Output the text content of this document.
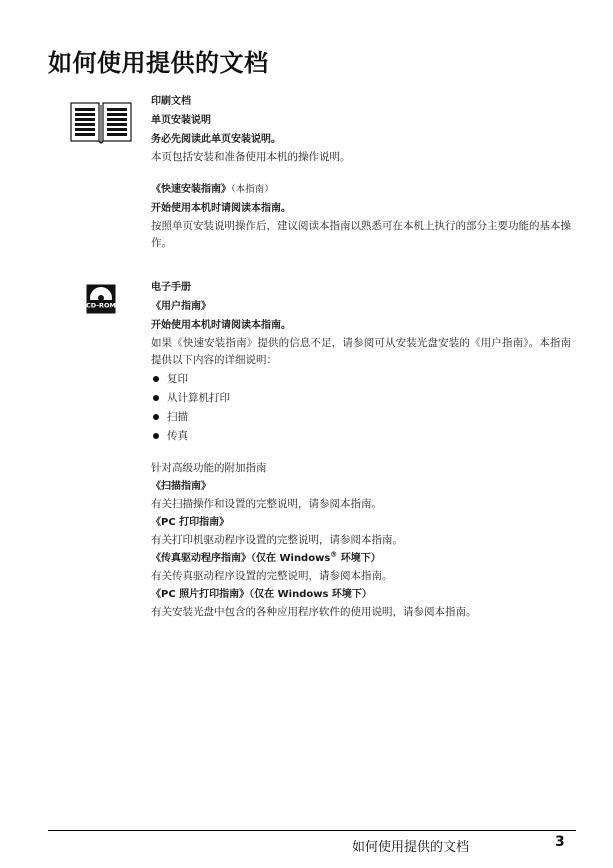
如何使用提供的文档
印刷文档
单页安装说明
务必先阅读此单页安装说明。
本页包括安装和准备使用本机的操作说明。
《快速安装指南》（本指南）
开始使用本机时请阅读本指南。
按照单页安装说明操作后，建议阅读本指南以熟悉可在本机上执行的部分主要功能的基本操作。
CD-ROM
电子手册
《用户指南》
开始使用本机时请阅读本指南。
如果《快速安装指南》提供的信息不足，请参阅可从安装光盘安装的《用户指南》。本指南提供以下内容的详细说明：
复印
从计算机打印
扫描
传真
针对高级功能的附加指南
《扫描指南》
有关扫描操作和设置的完整说明，请参阅本指南。
《PC 打印指南》
有关打印机驱动程序设置的完整说明，请参阅本指南。
《传真驱动程序指南》（仅在 Windows® 环境下）
有关传真驱动程序设置的完整说明，请参阅本指南。
《PC 照片打印指南》（仅在 Windows 环境下）
有关安装光盘中包含的各种应用程序软件的使用说明，请参阅本指南。
如何使用提供的文档	3
